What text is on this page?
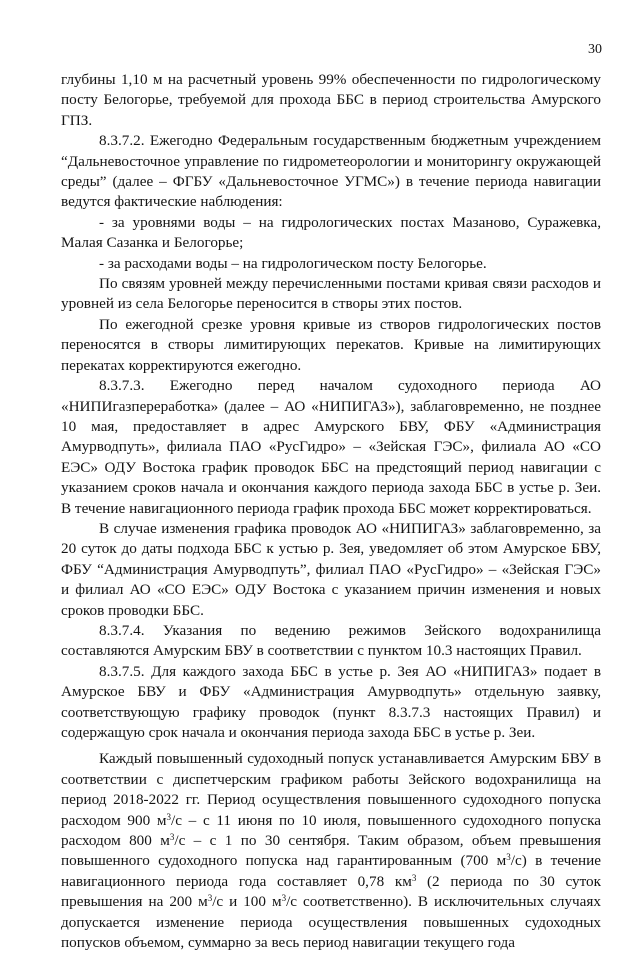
30

глубины 1,10 м на расчетный уровень 99% обеспеченности по гидрологическому посту Белогорье, требуемой для прохода ББС в период строительства Амурского ГПЗ.

8.3.7.2. Ежегодно Федеральным государственным бюджетным учреждением “Дальневосточное управление по гидрометеорологии и мониторингу окружающей среды” (далее – ФГБУ «Дальневосточное УГМС») в течение периода навигации ведутся фактические наблюдения:

- за уровнями воды – на гидрологических постах Мазаново, Суражевка, Малая Сазанка и Белогорье;

- за расходами воды – на гидрологическом посту Белогорье.

По связям уровней между перечисленными постами кривая связи расходов и уровней из села Белогорье переносится в створы этих постов.

По ежегодной срезке уровня кривые из створов гидрологических постов переносятся в створы лимитирующих перекатов. Кривые на лимитирующих перекатах корректируются ежегодно.

8.3.7.3. Ежегодно перед началом судоходного периода АО «НИПИгазпереработка» (далее – АО «НИПИГАЗ»), заблаговременно, не позднее 10 мая, предоставляет в адрес Амурского БВУ, ФБУ «Администрация Амурводпуть», филиала ПАО «РусГидро» – «Зейская ГЭС», филиала АО «СО ЕЭС» ОДУ Востока график проводок ББС на предстоящий период навигации с указанием сроков начала и окончания каждого периода захода ББС в устье р. Зеи. В течение навигационного периода график прохода ББС может корректироваться.

В случае изменения графика проводок АО «НИПИГАЗ» заблаговременно, за 20 суток до даты подхода ББС к устью р. Зея, уведомляет об этом Амурское БВУ, ФБУ “Администрация Амурводпуть”, филиал ПАО «РусГидро» – «Зейская ГЭС» и филиал АО «СО ЕЭС» ОДУ Востока с указанием причин изменения и новых сроков проводки ББС.

8.3.7.4. Указания по ведению режимов Зейского водохранилища составляются Амурским БВУ в соответствии с пунктом 10.3 настоящих Правил.

8.3.7.5. Для каждого захода ББС в устье р. Зея АО «НИПИГАЗ» подает в Амурское БВУ и ФБУ «Администрация Амурводпуть» отдельную заявку, соответствующую графику проводок (пункт 8.3.7.3 настоящих Правил) и содержащую срок начала и окончания периода захода ББС в устье р. Зеи.

Каждый повышенный судоходный попуск устанавливается Амурским БВУ в соответствии с диспетчерским графиком работы Зейского водохранилища на период 2018-2022 гг. Период осуществления повышенного судоходного попуска расходом 900 $м^3/с$ – с 11 июня по 10 июля, повышенного судоходного попуска расходом 800 $м^3/с$ – с 1 по 30 сентября. Таким образом, объем превышения повышенного судоходного попуска над гарантированным (700 $м^3/с$) в течение навигационного периода года составляет 0,78 $км^3$ (2 периода по 30 суток превышения на 200 $м^3/с$ и 100 $м^3/с$ соответственно). В исключительных случаях допускается изменение периода осуществления повышенных судоходных попусков объемом, суммарно за весь период навигации текущего года
